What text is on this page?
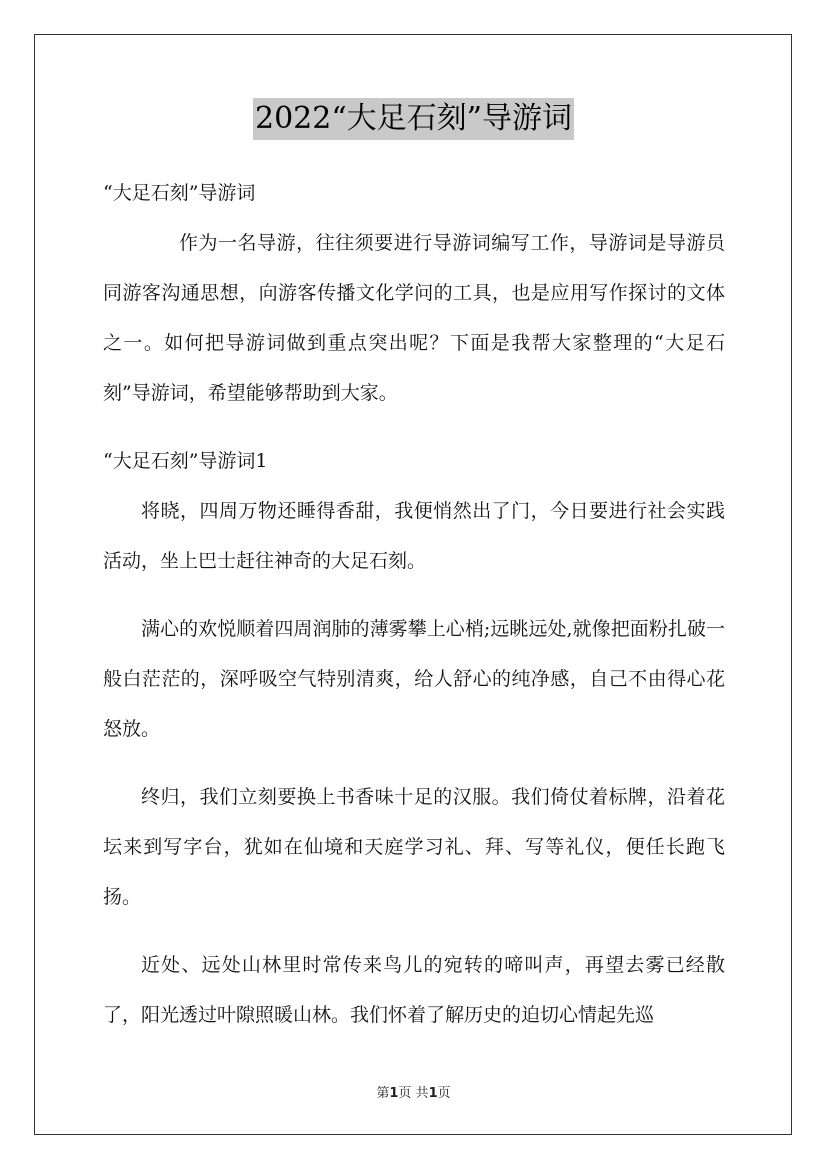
2022“大足石刻”导游词
“大足石刻”导游词

作为一名导游，往往须要进行导游词编写工作，导游词是导游员同游客沟通思想，向游客传播文化学问的工具，也是应用写作探讨的文体之一。如何把导游词做到重点突出呢？下面是我帮大家整理的“大足石刻”导游词，希望能够帮助到大家。

“大足石刻”导游词1

将晓，四周万物还睡得香甜，我便悄然出了门，今日要进行社会实践活动，坐上巴士赶往神奇的大足石刻。

满心的欢悦顺着四周润肺的薄雾攀上心梢;远眺远处,就像把面粉扎破一般白茫茫的，深呼吸空气特别清爽，给人舒心的纯净感，自己不由得心花怒放。

终归，我们立刻要换上书香味十足的汉服。我们倚仗着标牌，沿着花坛来到写字台，犹如在仙境和天庭学习礼、拜、写等礼仪，便任长跑飞扬。

近处、远处山林里时常传来鸟儿的宛转的啼叫声，再望去雾已经散了，阳光透过叶隙照暖山林。我们怀着了解历史的迫切心情起先巡

第1页 共1页
